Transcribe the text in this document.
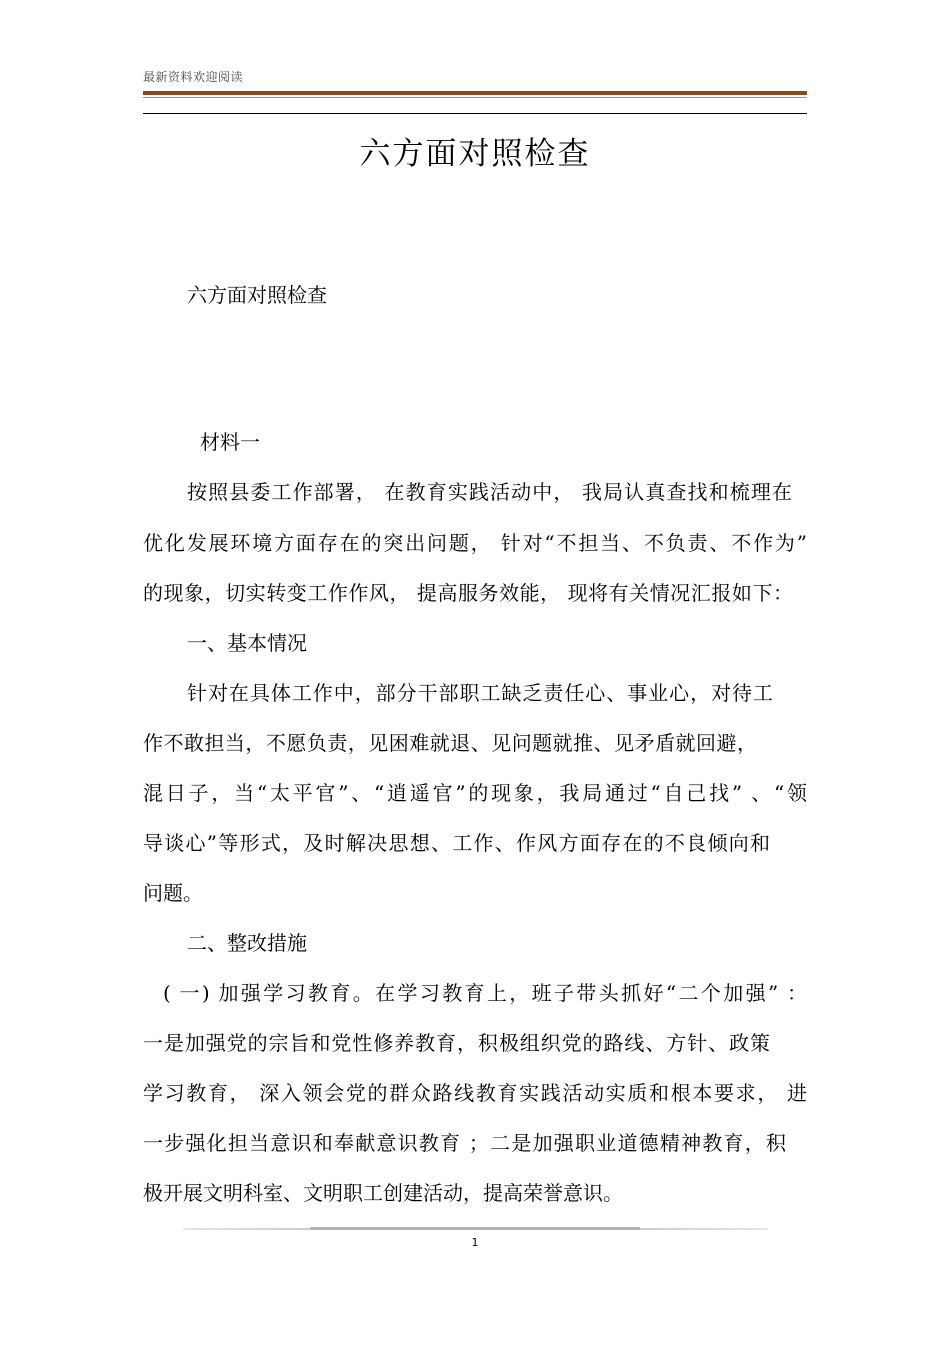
最新资料欢迎阅读
六方面对照检查
六方面对照检查
材料一
按照县委工作部署， 在教育实践活动中， 我局认真查找和梳理在
优化发展环境方面存在的突出问题， 针对“不担当、不负责、不作为”
的现象，切实转变工作作风， 提高服务效能， 现将有关情况汇报如下：
一、基本情况
针对在具体工作中，部分干部职工缺乏责任心、事业心，对待工
作不敢担当，不愿负责，见困难就退、见问题就推、见矛盾就回避，
混日子，当“太平官”、“逍遥官”的现象，我局通过“自己找” 、“领
导谈心”等形式，及时解决思想、工作、作风方面存在的不良倾向和
问题。
二、整改措施
( 一) 加强学习教育。在学习教育上，班子带头抓好“二个加强” ：
一是加强党的宗旨和党性修养教育，积极组织党的路线、方针、政策
学习教育， 深入领会党的群众路线教育实践活动实质和根本要求， 进
一步强化担当意识和奉献意识教育 ；二是加强职业道德精神教育，积
极开展文明科室、文明职工创建活动，提高荣誉意识。
1
